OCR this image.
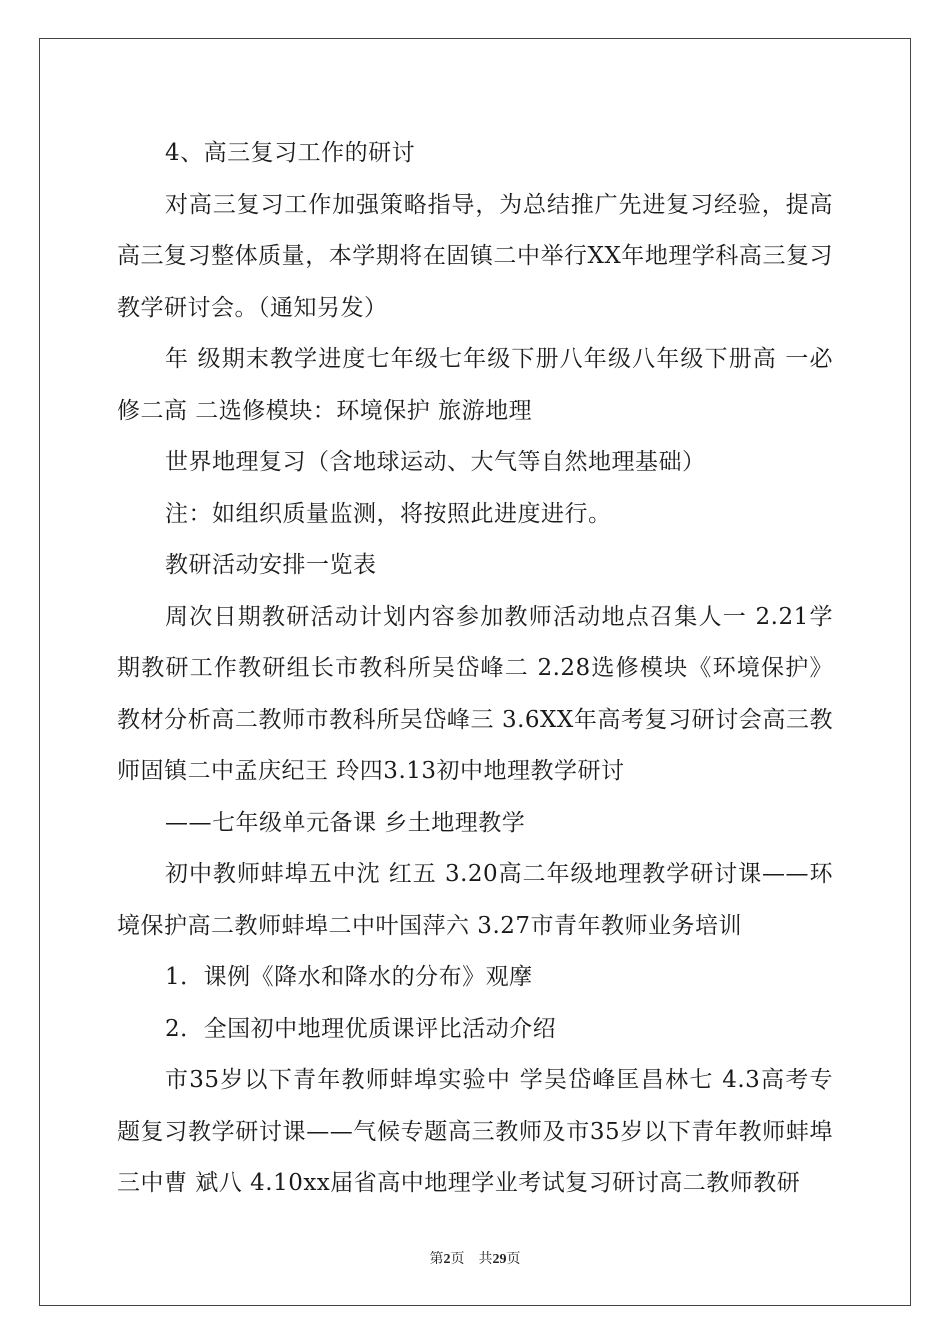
4、高三复习工作的研讨

对高三复习工作加强策略指导，为总结推广先进复习经验，提高高三复习整体质量，本学期将在固镇二中举行XX年地理学科高三复习教学研讨会。（通知另发）

年 级期末教学进度七年级七年级下册八年级八年级下册高 一必修二高 二选修模块：环境保护 旅游地理

世界地理复习（含地球运动、大气等自然地理基础）

注：如组织质量监测，将按照此进度进行。

教研活动安排一览表

周次日期教研活动计划内容参加教师活动地点召集人一 2.21学期教研工作教研组长市教科所吴岱峰二 2.28选修模块《环境保护》教材分析高二教师市教科所吴岱峰三 3.6XX年高考复习研讨会高三教师固镇二中孟庆纪王 玲四3.13初中地理教学研讨

——七年级单元备课 乡土地理教学

初中教师蚌埠五中沈 红五 3.20高二年级地理教学研讨课——环境保护高二教师蚌埠二中叶国萍六 3.27市青年教师业务培训

1．课例《降水和降水的分布》观摩

2．全国初中地理优质课评比活动介绍

市35岁以下青年教师蚌埠实验中 学吴岱峰匡昌林七 4.3高考专题复习教学研讨课——气候专题高三教师及市35岁以下青年教师蚌埠三中曹 斌八 4.10xx届省高中地理学业考试复习研讨高二教师教研

第2页　共29页
